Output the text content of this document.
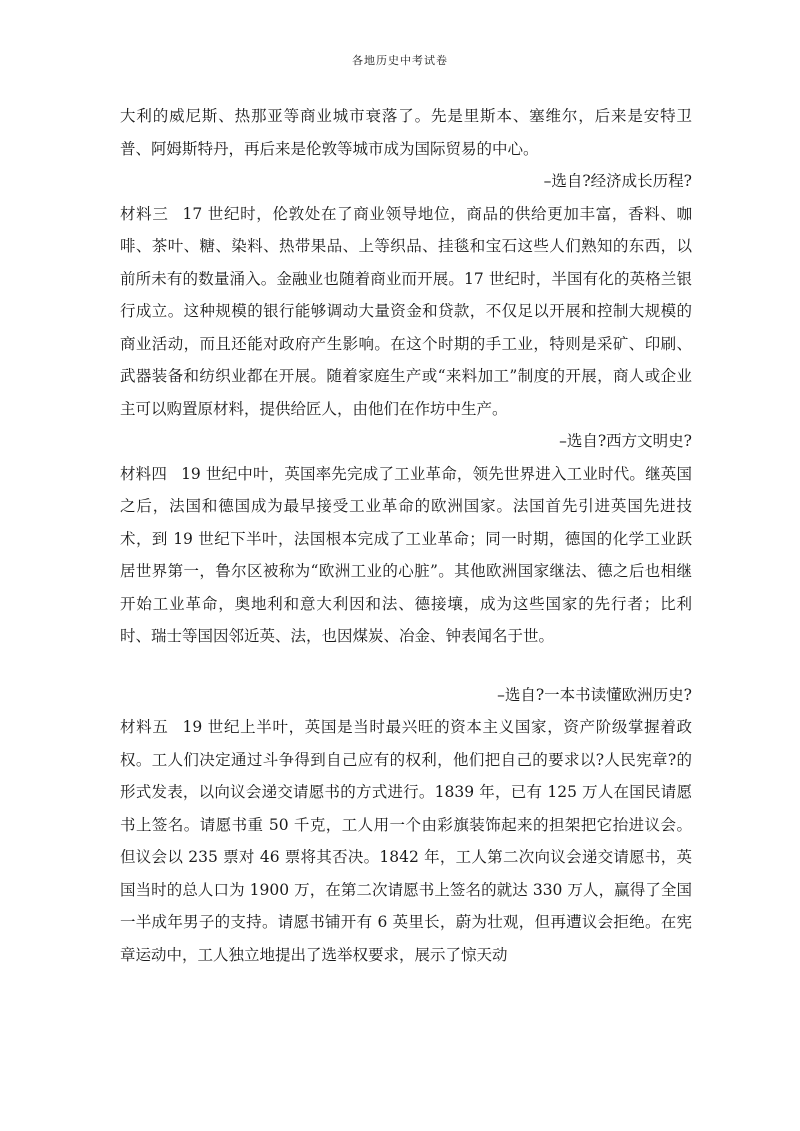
各地历史中考试卷

大利的威尼斯、热那亚等商业城市衰落了。先是里斯本、塞维尔，后来是安特卫普、阿姆斯特丹，再后来是伦敦等城市成为国际贸易的中心。

–选自?经济成长历程?

材料三 17 世纪时，伦敦处在了商业领导地位，商品的供给更加丰富，香料、咖啡、茶叶、糖、染料、热带果品、上等织品、挂毯和宝石这些人们熟知的东西，以前所未有的数量涌入。金融业也随着商业而开展。17 世纪时，半国有化的英格兰银行成立。这种规模的银行能够调动大量资金和贷款，不仅足以开展和控制大规模的商业活动，而且还能对政府产生影响。在这个时期的手工业，特则是采矿、印刷、武器装备和纺织业都在开展。随着家庭生产或“来料加工”制度的开展，商人或企业主可以购置原材料，提供给匠人，由他们在作坊中生产。

–选自?西方文明史?

材料四 19 世纪中叶，英国率先完成了工业革命，领先世界进入工业时代。继英国之后，法国和德国成为最早接受工业革命的欧洲国家。法国首先引进英国先进技术，到 19 世纪下半叶，法国根本完成了工业革命；同一时期，德国的化学工业跃居世界第一，鲁尔区被称为“欧洲工业的心脏”。其他欧洲国家继法、德之后也相继开始工业革命，奥地利和意大利因和法、德接壤，成为这些国家的先行者；比利时、瑞士等国因邻近英、法，也因煤炭、冶金、钟表闻名于世。

–选自?一本书读懂欧洲历史?

材料五 19 世纪上半叶，英国是当时最兴旺的资本主义国家，资产阶级掌握着政权。工人们决定通过斗争得到自己应有的权利，他们把自己的要求以?人民宪章?的形式发表，以向议会递交请愿书的方式进行。1839 年，已有 125 万人在国民请愿书上签名。请愿书重 50 千克，工人用一个由彩旗装饰起来的担架把它抬进议会。但议会以 235 票对 46 票将其否决。1842 年，工人第二次向议会递交请愿书，英国当时的总人口为 1900 万，在第二次请愿书上签名的就达 330 万人，赢得了全国一半成年男子的支持。请愿书铺开有 6 英里长，蔚为壮观，但再遭议会拒绝。在宪章运动中，工人独立地提出了选举权要求，展示了惊天动
